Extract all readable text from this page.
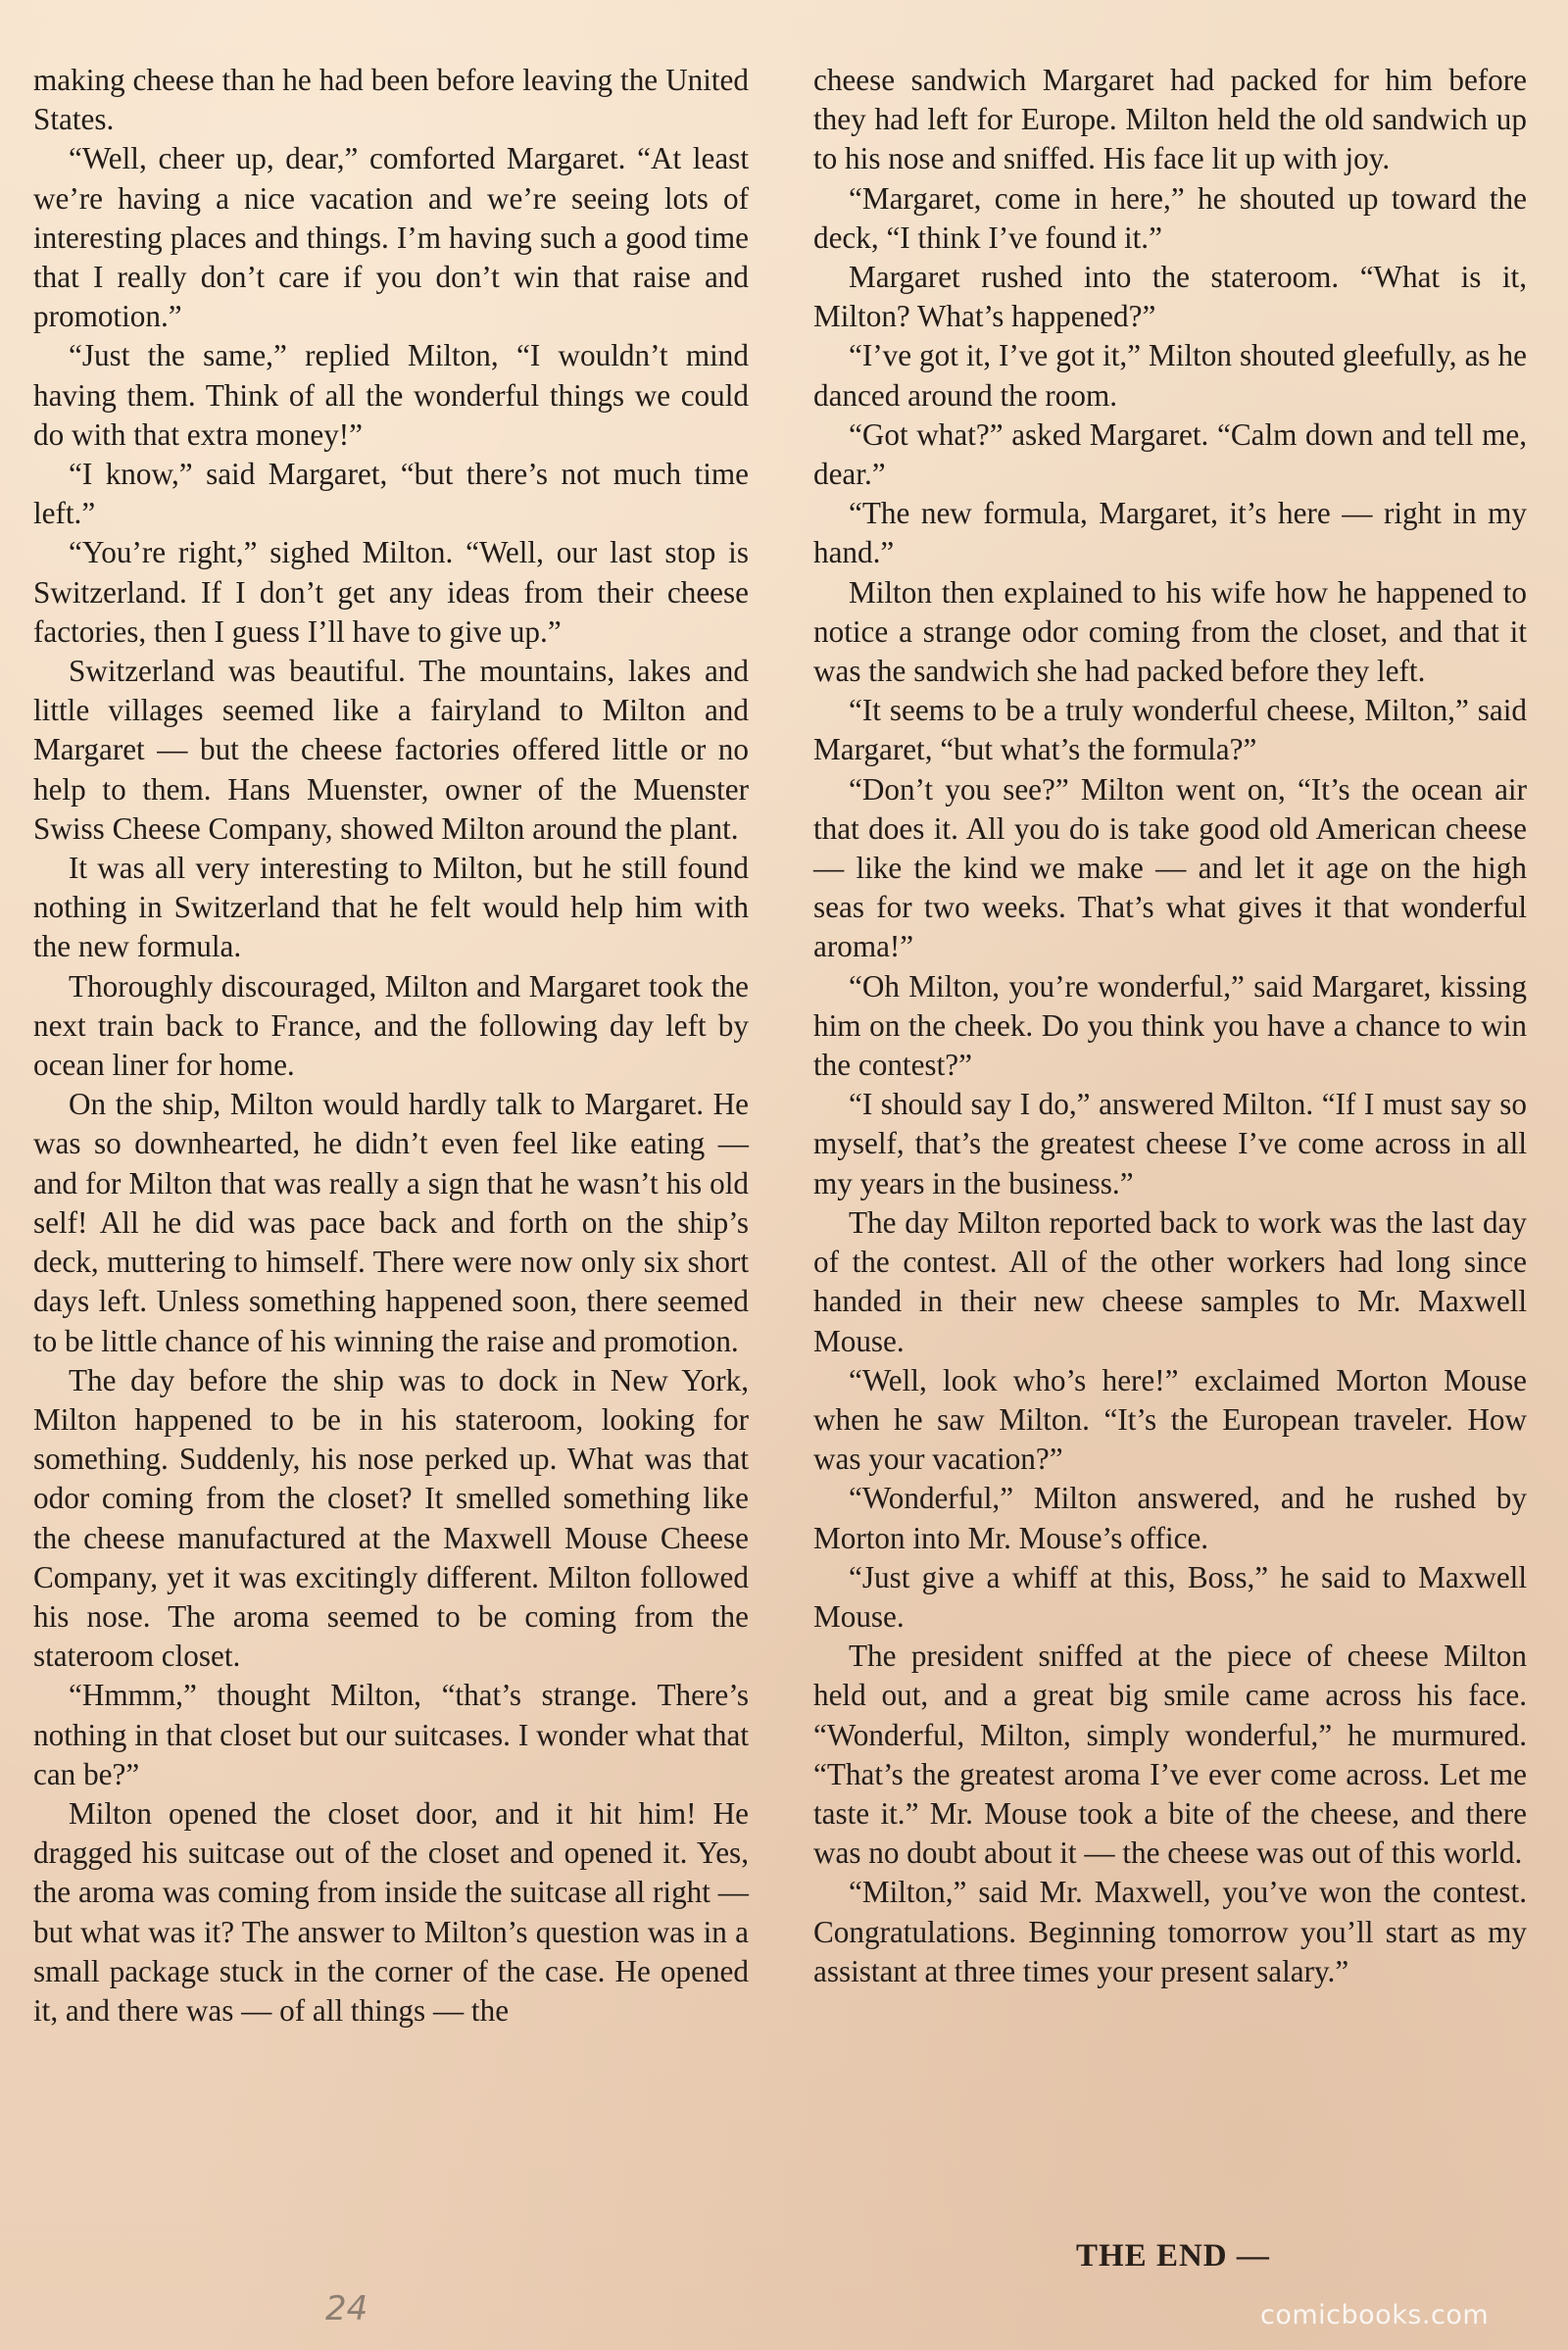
making cheese than he had been before leaving the United States.

“Well, cheer up, dear,” comforted Margaret. “At least we’re having a nice vacation and we’re seeing lots of interesting places and things. I’m having such a good time that I really don’t care if you don’t win that raise and promotion.”

“Just the same,” replied Milton, “I wouldn’t mind having them. Think of all the wonderful things we could do with that extra money!”

“I know,” said Margaret, “but there’s not much time left.”

“You’re right,” sighed Milton. “Well, our last stop is Switzerland. If I don’t get any ideas from their cheese factories, then I guess I’ll have to give up.”

Switzerland was beautiful. The mountains, lakes and little villages seemed like a fairyland to Milton and Margaret — but the cheese factories offered little or no help to them. Hans Muenster, owner of the Muenster Swiss Cheese Company, showed Milton around the plant.

It was all very interesting to Milton, but he still found nothing in Switzerland that he felt would help him with the new formula.

Thoroughly discouraged, Milton and Margaret took the next train back to France, and the following day left by ocean liner for home.

On the ship, Milton would hardly talk to Margaret. He was so downhearted, he didn’t even feel like eating — and for Milton that was really a sign that he wasn’t his old self! All he did was pace back and forth on the ship’s deck, muttering to himself. There were now only six short days left. Unless something happened soon, there seemed to be little chance of his winning the raise and promotion.

The day before the ship was to dock in New York, Milton happened to be in his stateroom, looking for something. Suddenly, his nose perked up. What was that odor coming from the closet? It smelled something like the cheese manufactured at the Maxwell Mouse Cheese Company, yet it was excitingly different. Milton followed his nose. The aroma seemed to be coming from the stateroom closet.

“Hmmm,” thought Milton, “that’s strange. There’s nothing in that closet but our suitcases. I wonder what that can be?”

Milton opened the closet door, and it hit him! He dragged his suitcase out of the closet and opened it. Yes, the aroma was coming from inside the suitcase all right — but what was it? The answer to Milton’s question was in a small package stuck in the corner of the case. He opened it, and there was — of all things — the

cheese sandwich Margaret had packed for him before they had left for Europe. Milton held the old sandwich up to his nose and sniffed. His face lit up with joy.

“Margaret, come in here,” he shouted up toward the deck, “I think I’ve found it.”

Margaret rushed into the stateroom. “What is it, Milton? What’s happened?”

“I’ve got it, I’ve got it,” Milton shouted gleefully, as he danced around the room.

“Got what?” asked Margaret. “Calm down and tell me, dear.”

“The new formula, Margaret, it’s here — right in my hand.”

Milton then explained to his wife how he happened to notice a strange odor coming from the closet, and that it was the sandwich she had packed before they left.

“It seems to be a truly wonderful cheese, Milton,” said Margaret, “but what’s the formula?”

“Don’t you see?” Milton went on, “It’s the ocean air that does it. All you do is take good old American cheese — like the kind we make — and let it age on the high seas for two weeks. That’s what gives it that wonderful aroma!”

“Oh Milton, you’re wonderful,” said Margaret, kissing him on the cheek. Do you think you have a chance to win the contest?”

“I should say I do,” answered Milton. “If I must say so myself, that’s the greatest cheese I’ve come across in all my years in the business.”

The day Milton reported back to work was the last day of the contest. All of the other workers had long since handed in their new cheese samples to Mr. Maxwell Mouse.

“Well, look who’s here!” exclaimed Morton Mouse when he saw Milton. “It’s the European traveler. How was your vacation?”

“Wonderful,” Milton answered, and he rushed by Morton into Mr. Mouse’s office.

“Just give a whiff at this, Boss,” he said to Maxwell Mouse.

The president sniffed at the piece of cheese Milton held out, and a great big smile came across his face. “Wonderful, Milton, simply wonderful,” he murmured. “That’s the greatest aroma I’ve ever come across. Let me taste it.” Mr. Mouse took a bite of the cheese, and there was no doubt about it — the cheese was out of this world.

“Milton,” said Mr. Maxwell, you’ve won the contest. Congratulations. Beginning tomorrow you’ll start as my assistant at three times your present salary.”

THE END —
24	comicbooks.com
